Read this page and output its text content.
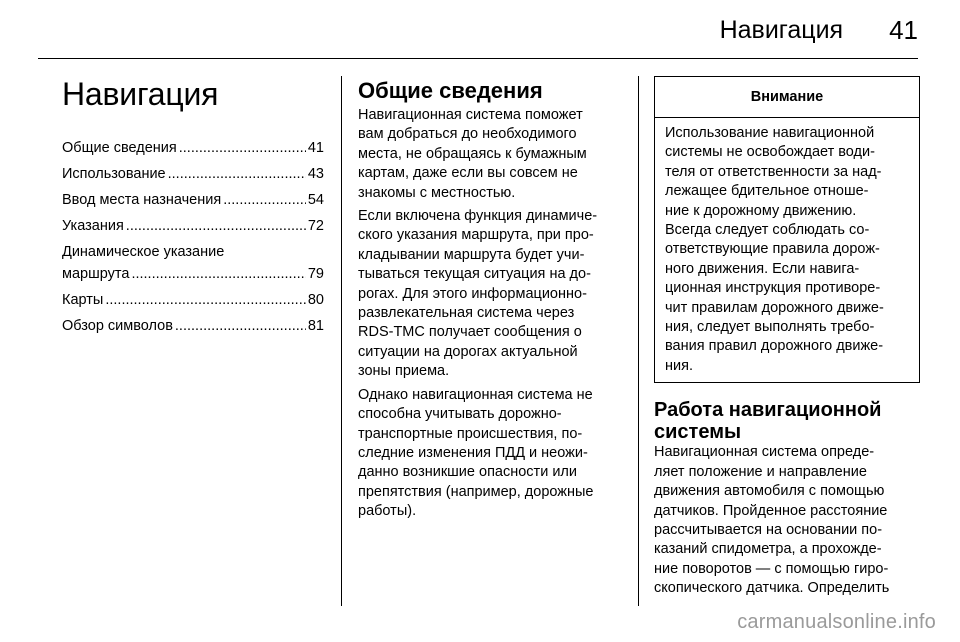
Навигация 41
Навигация
Общие сведения .....	41
Использование .....	43
Ввод места назначения .....	54
Указания .....	72
Динамическое указание
маршрута .....	79
Карты .....	80
Обзор символов .....	81
Общие сведения

Навигационная система поможет
вам добраться до необходимого
места, не обращаясь к бумажным
картам, даже если вы совсем не
знакомы с местностью.

Если включена функция динамиче-
ского указания маршрута, при про-
кладывании маршрута будет учи-
тываться текущая ситуация на до-
рогах. Для этого информационно-
развлекательная система через
RDS-TMC получает сообщения о
ситуации на дорогах актуальной
зоны приема.

Однако навигационная система не
способна учитывать дорожно-
транспортные происшествия, по-
следние изменения ПДД и неожи-
данно возникшие опасности или
препятствия (например, дорожные
работы).

Внимание
Использование навигационной
системы не освобождает води-
теля от ответственности за над-
лежащее бдительное отноше-
ние к дорожному движению.
Всегда следует соблюдать со-
ответствующие правила дорож-
ного движения. Если навига-
ционная инструкция противоре-
чит правилам дорожного движе-
ния, следует выполнять требо-
вания правил дорожного движе-
ния.
Работа навигационной
системы

Навигационная система опреде-
ляет положение и направление
движения автомобиля с помощью
датчиков. Пройденное расстояние
рассчитывается на основании по-
казаний спидометра, а прохожде-
ние поворотов — с помощью гиро-
скопического датчика. Определить

carmanualsonline.info
